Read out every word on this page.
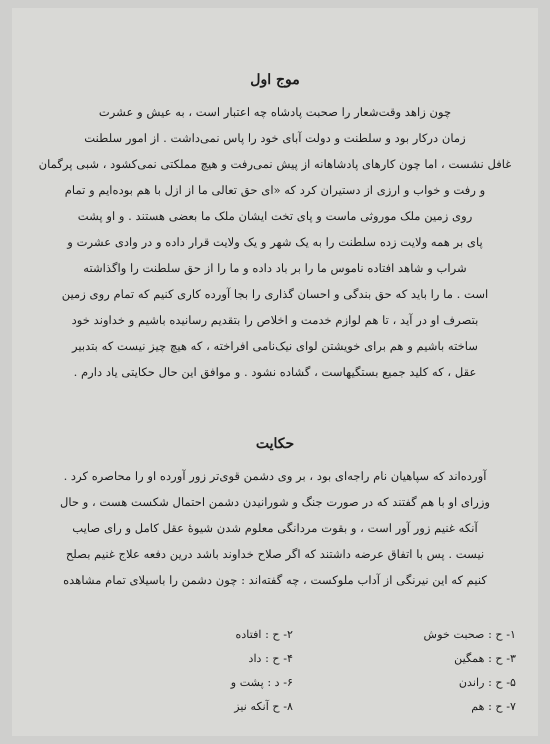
موج اول
چون زاهد وقت‌شعار را صحبت پادشاه چه اعتبار است ، به عیش و عشرت
زمان درکار بود و سلطنت و دولت آبای خود را پاس نمی‌داشت . از امور سلطنت
غافل نشست ، اما چون کارهای پادشاهانه از پیش نمی‌رفت و هیچ مملکتی نمی‌کشود ، شبی پرگمان
و رفت و خواب و ارزی از دستیران کرد که «ای حق تعالی ما از ازل با هم بوده‌ایم و تمام
روی زمین ملک موروثی ماست و پای تخت ایشان ملک ما بعضی هستند . و او پشت
پای بر همه‌ ولایت زده سلطنت را به یک شهر و یک ولایت قرار داده و در وادی عشرت و
شراب و شاهد افتاده ناموس ما را بر باد داده و ما را از حق سلطنت را واگذاشته
است . ما را باید که حق بندگی و احسان گذاری را بجا آورده کاری کنیم که تمام روی زمین
بتصرف او در آید ، تا هم لوازم خدمت و اخلاص را بتقدیم رسانیده باشیم و خداوند خود
ساخته باشیم و هم برای خویشتن لوای نیک‌نامی افراخته ، که هیچ چیز نیست که بتدبیر
عقل ، که کلید جمیع بستگیهاست ، گشاده نشود . و موافق این حال حکایتی یاد دارم .
حکایت
آورده‌اند که سپاهیان نام راجه‌ای بود ، بر وی دشمن قوی‌تر زور آورده او را محاصره کرد .
وزرای او با هم گفتند که در صورت جنگ و شورانیدن دشمن احتمال شکست هست ، و حال
آنکه غنیم زور آور است ، و بقوت مردانگی معلوم شدن شیوهٔ عقل کامل و رای صایب
نیست . پس با اتفاق عرضه داشتند که اگر صلاح خداوند باشد درین دفعه علاج غنیم بصلح
کنیم که این نیرنگی از آداب ملوکست ، چه گفته‌اند : چون دشمن را باسیلای تمام مشاهده
۱- ح : صحبت خوش
۳- ح : همگین
۵- ح : راندن
۷- ح : هم
۲- ح : افتاده
۴- ح : داد
۶- د : پشت و
۸- ح آنکه نیز
